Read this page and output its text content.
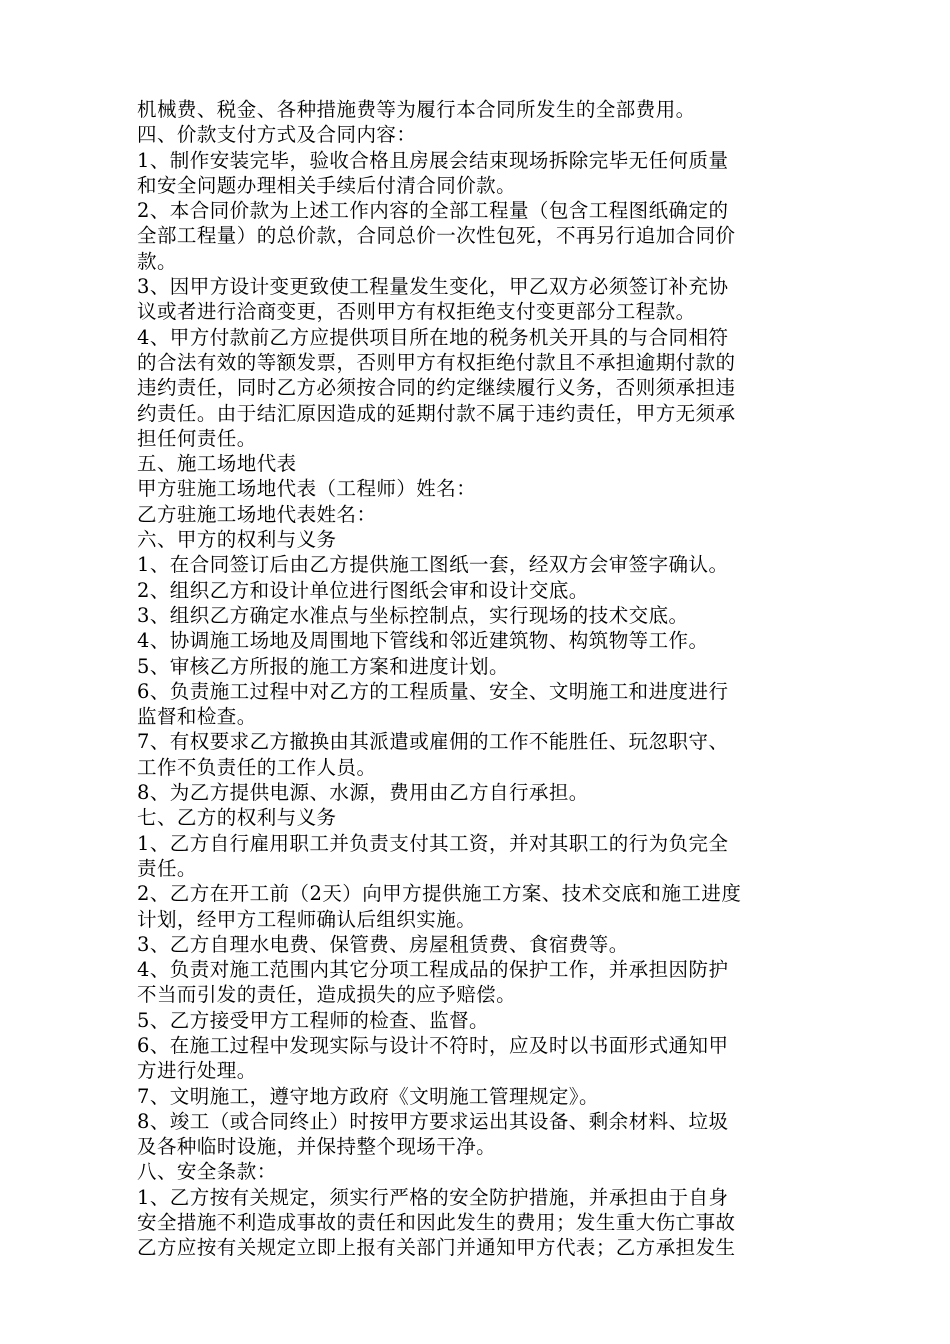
机械费、税金、各种措施费等为履行本合同所发生的全部费用。
四、价款支付方式及合同内容：
1、制作安装完毕，验收合格且房展会结束现场拆除完毕无任何质量
和安全问题办理相关手续后付清合同价款。
2、本合同价款为上述工作内容的全部工程量（包含工程图纸确定的
全部工程量）的总价款，合同总价一次性包死，不再另行追加合同价
款。
3、因甲方设计变更致使工程量发生变化，甲乙双方必须签订补充协
议或者进行洽商变更，否则甲方有权拒绝支付变更部分工程款。
4、甲方付款前乙方应提供项目所在地的税务机关开具的与合同相符
的合法有效的等额发票，否则甲方有权拒绝付款且不承担逾期付款的
违约责任，同时乙方必须按合同的约定继续履行义务，否则须承担违
约责任。由于结汇原因造成的延期付款不属于违约责任，甲方无须承
担任何责任。
五、施工场地代表
甲方驻施工场地代表（工程师）姓名：
乙方驻施工场地代表姓名：
六、甲方的权利与义务
1、在合同签订后由乙方提供施工图纸一套，经双方会审签字确认。
2、组织乙方和设计单位进行图纸会审和设计交底。
3、组织乙方确定水准点与坐标控制点，实行现场的技术交底。
4、协调施工场地及周围地下管线和邻近建筑物、构筑物等工作。
5、审核乙方所报的施工方案和进度计划。
6、负责施工过程中对乙方的工程质量、安全、文明施工和进度进行
监督和检查。
7、有权要求乙方撤换由其派遣或雇佣的工作不能胜任、玩忽职守、
工作不负责任的工作人员。
8、为乙方提供电源、水源，费用由乙方自行承担。
七、乙方的权利与义务
1、乙方自行雇用职工并负责支付其工资，并对其职工的行为负完全
责任。
2、乙方在开工前（2天）向甲方提供施工方案、技术交底和施工进度
计划，经甲方工程师确认后组织实施。
3、乙方自理水电费、保管费、房屋租赁费、食宿费等。
4、负责对施工范围内其它分项工程成品的保护工作，并承担因防护
不当而引发的责任，造成损失的应予赔偿。
5、乙方接受甲方工程师的检查、监督。
6、在施工过程中发现实际与设计不符时，应及时以书面形式通知甲
方进行处理。
7、文明施工，遵守地方政府《文明施工管理规定》。
8、竣工（或合同终止）时按甲方要求运出其设备、剩余材料、垃圾
及各种临时设施，并保持整个现场干净。
八、安全条款：
1、乙方按有关规定，须实行严格的安全防护措施，并承担由于自身
安全措施不利造成事故的责任和因此发生的费用；发生重大伤亡事故
乙方应按有关规定立即上报有关部门并通知甲方代表；乙方承担发生
